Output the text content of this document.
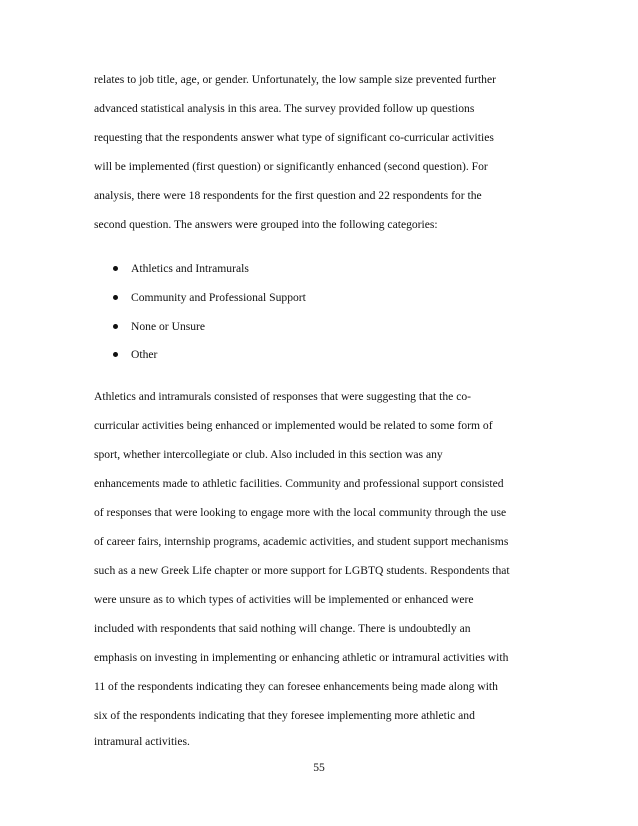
relates to job title, age, or gender. Unfortunately, the low sample size prevented further
advanced statistical analysis in this area. The survey provided follow up questions
requesting that the respondents answer what type of significant co-curricular activities
will be implemented (first question) or significantly enhanced (second question). For
analysis, there were 18 respondents for the first question and 22 respondents for the
second question. The answers were grouped into the following categories:
Athletics and Intramurals
Community and Professional Support
None or Unsure
Other
Athletics and intramurals consisted of responses that were suggesting that the co-
curricular activities being enhanced or implemented would be related to some form of
sport, whether intercollegiate or club. Also included in this section was any
enhancements made to athletic facilities. Community and professional support consisted
of responses that were looking to engage more with the local community through the use
of career fairs, internship programs, academic activities, and student support mechanisms
such as a new Greek Life chapter or more support for LGBTQ students. Respondents that
were unsure as to which types of activities will be implemented or enhanced were
included with respondents that said nothing will change. There is undoubtedly an
emphasis on investing in implementing or enhancing athletic or intramural activities with
11 of the respondents indicating they can foresee enhancements being made along with
six of the respondents indicating that they foresee implementing more athletic and
intramural activities.
55
